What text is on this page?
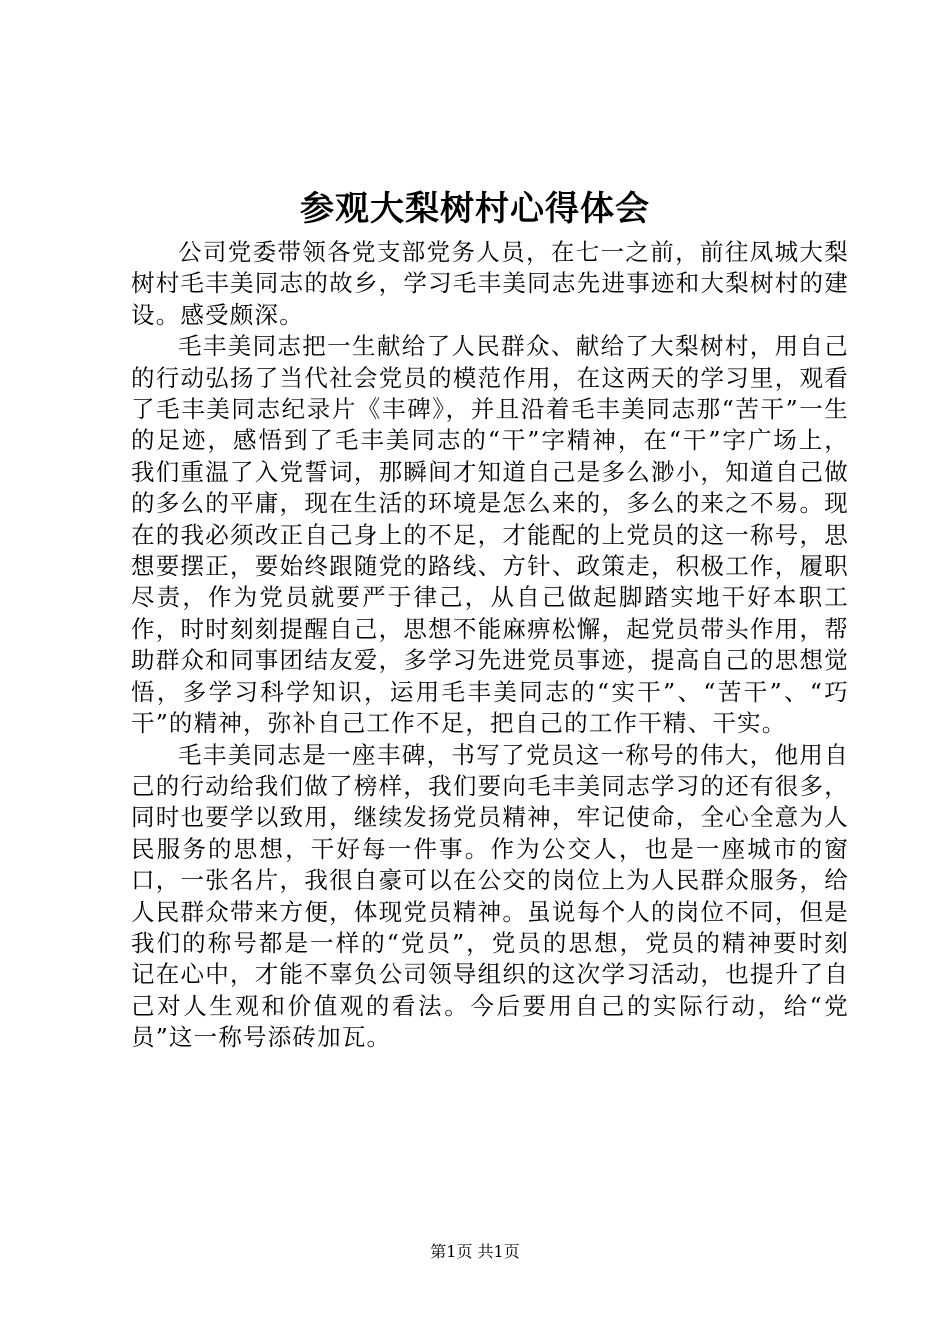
参观大梨树村心得体会

公司党委带领各党支部党务人员，在七一之前，前往凤城大梨树村毛丰美同志的故乡，学习毛丰美同志先进事迹和大梨树村的建设。感受颇深。

毛丰美同志把一生献给了人民群众、献给了大梨树村，用自己的行动弘扬了当代社会党员的模范作用，在这两天的学习里，观看了毛丰美同志纪录片《丰碑》，并且沿着毛丰美同志那“苦干”一生的足迹，感悟到了毛丰美同志的“干”字精神，在“干”字广场上，我们重温了入党誓词，那瞬间才知道自己是多么渺小，知道自己做的多么的平庸，现在生活的环境是怎么来的，多么的来之不易。现在的我必须改正自己身上的不足，才能配的上党员的这一称号，思想要摆正，要始终跟随党的路线、方针、政策走，积极工作，履职尽责，作为党员就要严于律己，从自己做起脚踏实地干好本职工作，时时刻刻提醒自己，思想不能麻痹松懈，起党员带头作用，帮助群众和同事团结友爱，多学习先进党员事迹，提高自己的思想觉悟，多学习科学知识，运用毛丰美同志的“实干”、“苦干”、“巧干”的精神，弥补自己工作不足，把自己的工作干精、干实。

毛丰美同志是一座丰碑，书写了党员这一称号的伟大，他用自己的行动给我们做了榜样，我们要向毛丰美同志学习的还有很多，同时也要学以致用，继续发扬党员精神，牢记使命，全心全意为人民服务的思想，干好每一件事。作为公交人，也是一座城市的窗口，一张名片，我很自豪可以在公交的岗位上为人民群众服务，给人民群众带来方便，体现党员精神。虽说每个人的岗位不同，但是我们的称号都是一样的“党员”，党员的思想，党员的精神要时刻记在心中，才能不辜负公司领导组织的这次学习活动，也提升了自己对人生观和价值观的看法。今后要用自己的实际行动，给“党员”这一称号添砖加瓦。

第1页 共1页
